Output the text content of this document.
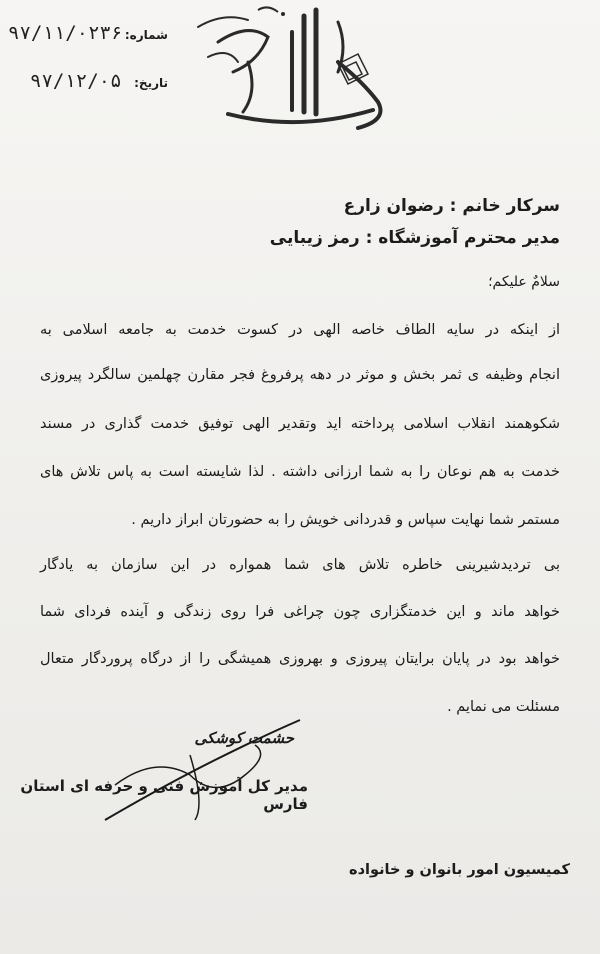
۹۷/۱۱/۰۲۳۶ شماره:
۹۷/۱۲/۰۵ تاریخ:
سرکار خانم : رضوان زارع
مدیر محترم آموزشگاه : رمز زیبایی
سلامٌ علیکم؛
از اینکه در سایه الطاف خاصه الهی در کسوت خدمت به جامعه اسلامی به
انجام وظیفه ی ثمر بخش و موثر در دهه پرفروغ فجر مقارن چهلمین سالگرد پیروزی
شکوهمند انقلاب اسلامی پرداخته اید وتقدیر الهی توفیق خدمت گذاری در مسند
خدمت به هم نوعان را به شما ارزانی داشته . لذا شایسته است به پاس تلاش های
مستمر شما نهایت سپاس و قدردانی خویش را به حضورتان ابراز داریم .
بی تردیدشیرینی خاطره تلاش های شما همواره در این سازمان به یادگار
خواهد ماند و این خدمتگزاری چون چراغی فرا روی زندگی و آینده فردای شما
خواهد بود در پایان برایتان پیروزی و بهروزی همیشگی را از درگاه پروردگار متعال
مسئلت می نمایم .
حشمت کوشکی
مدیر کل آموزش فنی و حرفه ای استان فارس
کمیسیون امور بانوان و خانواده
